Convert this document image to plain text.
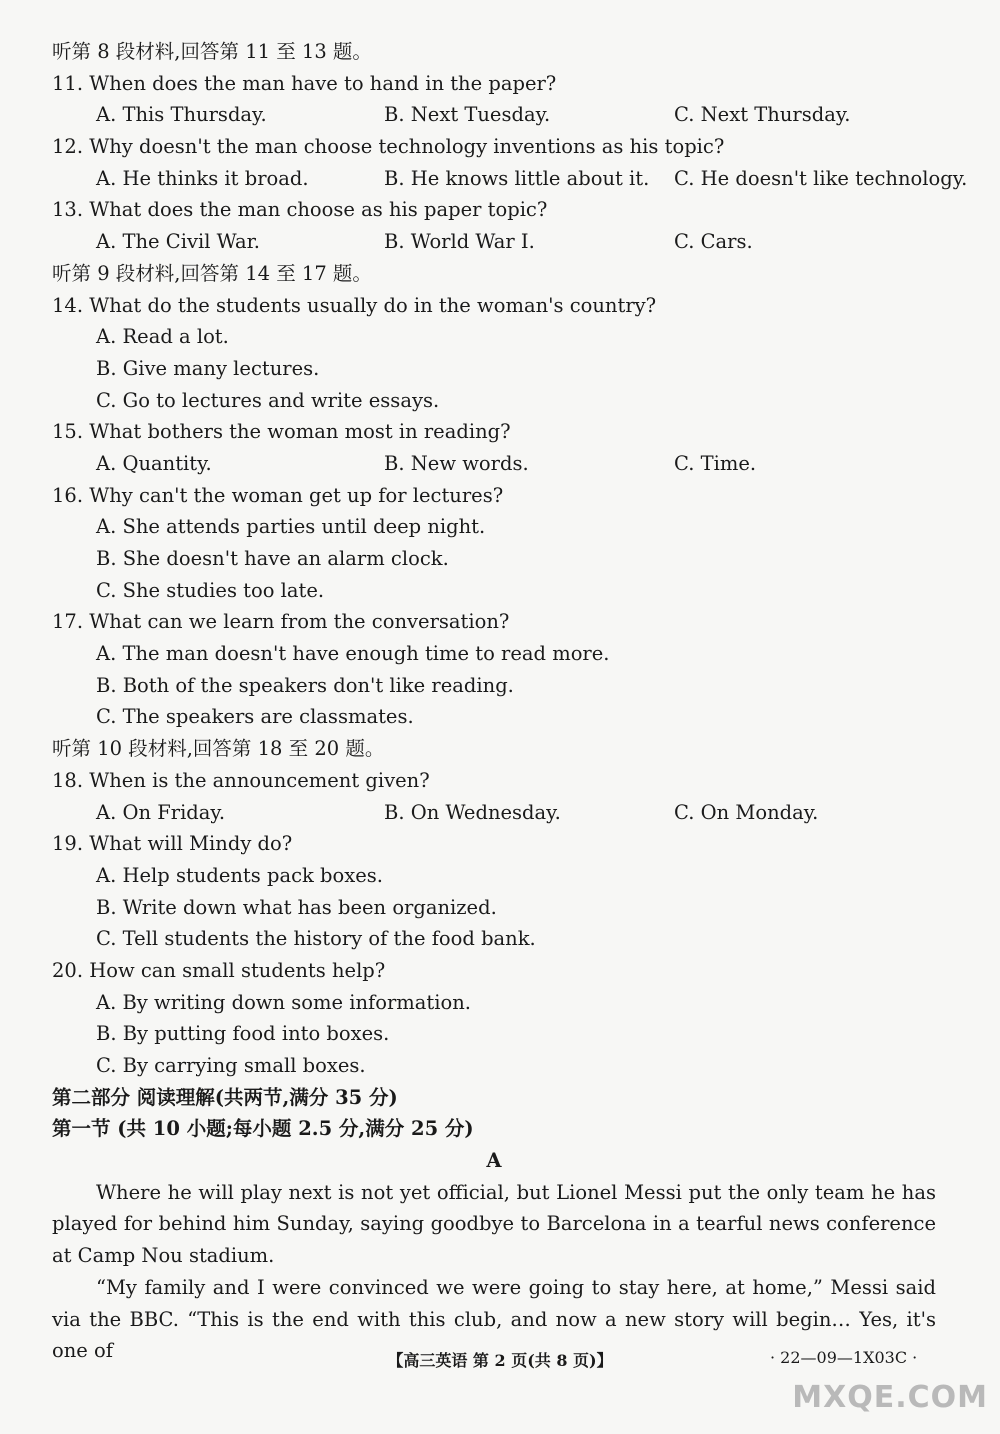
听第 8 段材料,回答第 11 至 13 题。
11. When does the man have to hand in the paper?
A. This Thursday.	B. Next Tuesday.	C. Next Thursday.
12. Why doesn't the man choose technology inventions as his topic?
A. He thinks it broad.	B. He knows little about it. C. He doesn't like technology.
13. What does the man choose as his paper topic?
A. The Civil War.	B. World War Ⅰ.	C. Cars.
听第 9 段材料,回答第 14 至 17 题。
14. What do the students usually do in the woman's country?
A. Read a lot.
B. Give many lectures.
C. Go to lectures and write essays.
15. What bothers the woman most in reading?
A. Quantity.	B. New words.	C. Time.
16. Why can't the woman get up for lectures?
A. She attends parties until deep night.
B. She doesn't have an alarm clock.
C. She studies too late.
17. What can we learn from the conversation?
A. The man doesn't have enough time to read more.
B. Both of the speakers don't like reading.
C. The speakers are classmates.
听第 10 段材料,回答第 18 至 20 题。
18. When is the announcement given?
A. On Friday.	B. On Wednesday.	C. On Monday.
19. What will Mindy do?
A. Help students pack boxes.
B. Write down what has been organized.
C. Tell students the history of the food bank.
20. How can small students help?
A. By writing down some information.
B. By putting food into boxes.
C. By carrying small boxes.
第二部分 阅读理解(共两节,满分 35 分)
第一节 (共 10 小题;每小题 2.5 分,满分 25 分)
A
Where he will play next is not yet official, but Lionel Messi put the only team he has played for behind him Sunday, saying goodbye to Barcelona in a tearful news conference at Camp Nou stadium.
“My family and I were convinced we were going to stay here, at home,” Messi said via the BBC. “This is the end with this club, and now a new story will begin… Yes, it's one of	【高三英语 第 2 页(共 8 页)】	· 22—09—1X03C ·
MXQE.COM
